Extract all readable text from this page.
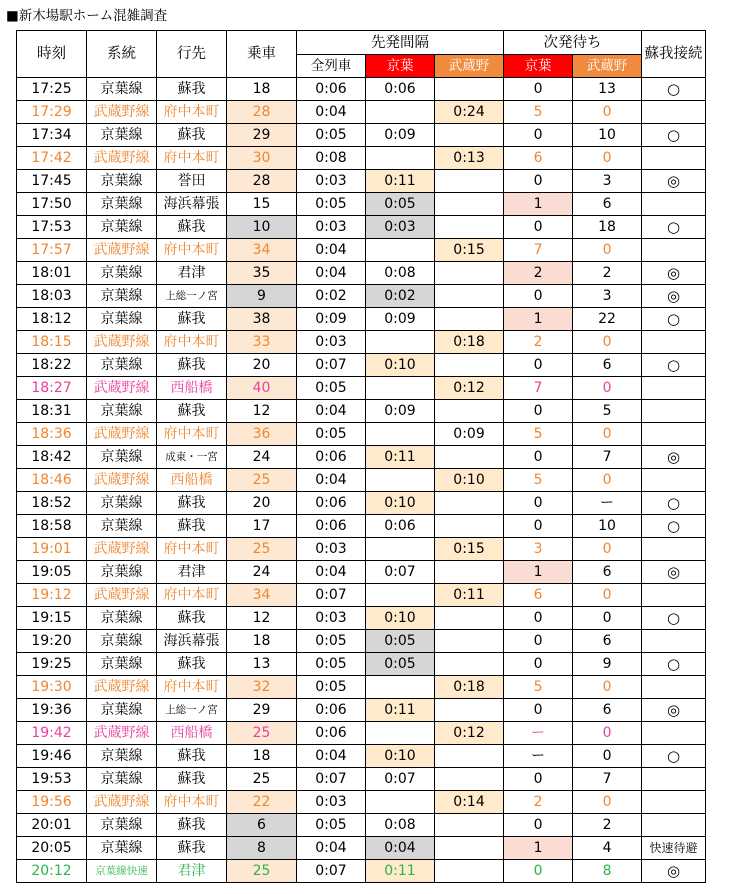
■新木場駅ホーム混雑調査
時刻	系統	行先	乗車	先発間隔			次発待ち		蘇我接続
				全列車	京葉	武蔵野	京葉	武蔵野	
17:25	京葉線	蘇我	18	0:06	0:06		0	13	○
17:29	武蔵野線	府中本町	28	0:04		0:24	5	0	
17:34	京葉線	蘇我	29	0:05	0:09		0	10	○
17:42	武蔵野線	府中本町	30	0:08		0:13	6	0	
17:45	京葉線	誉田	28	0:03	0:11		0	3	◎
17:50	京葉線	海浜幕張	15	0:05	0:05		1	6	
17:53	京葉線	蘇我	10	0:03	0:03		0	18	○
17:57	武蔵野線	府中本町	34	0:04		0:15	7	0	
18:01	京葉線	君津	35	0:04	0:08		2	2	◎
18:03	京葉線	上総一ノ宮	9	0:02	0:02		0	3	◎
18:12	京葉線	蘇我	38	0:09	0:09		1	22	○
18:15	武蔵野線	府中本町	33	0:03		0:18	2	0	
18:22	京葉線	蘇我	20	0:07	0:10		0	6	○
18:27	武蔵野線	西船橋	40	0:05		0:12	7	0	
18:31	京葉線	蘇我	12	0:04	0:09		0	5	
18:36	武蔵野線	府中本町	36	0:05		0:09	5	0	
18:42	京葉線	成東・一宮	24	0:06	0:11		0	7	◎
18:46	武蔵野線	西船橋	25	0:04		0:10	5	0	
18:52	京葉線	蘇我	20	0:06	0:10		0	ー	○
18:58	京葉線	蘇我	17	0:06	0:06		0	10	○
19:01	武蔵野線	府中本町	25	0:03		0:15	3	0	
19:05	京葉線	君津	24	0:04	0:07		1	6	◎
19:12	武蔵野線	府中本町	34	0:07		0:11	6	0	
19:15	京葉線	蘇我	12	0:03	0:10		0	0	○
19:20	京葉線	海浜幕張	18	0:05	0:05		0	6	
19:25	京葉線	蘇我	13	0:05	0:05		0	9	○
19:30	武蔵野線	府中本町	32	0:05		0:18	5	0	
19:36	京葉線	上総一ノ宮	29	0:06	0:11		0	6	◎
19:42	武蔵野線	西船橋	25	0:06		0:12	ー	0	
19:46	京葉線	蘇我	18	0:04	0:10		ー	0	○
19:53	京葉線	蘇我	25	0:07	0:07		0	7	
19:56	武蔵野線	府中本町	22	0:03		0:14	2	0	
20:01	京葉線	蘇我	6	0:05	0:08		0	2	
20:05	京葉線	蘇我	8	0:04	0:04		1	4	快速待避
20:12	京葉線快速	君津	25	0:07	0:11		0	8	◎
